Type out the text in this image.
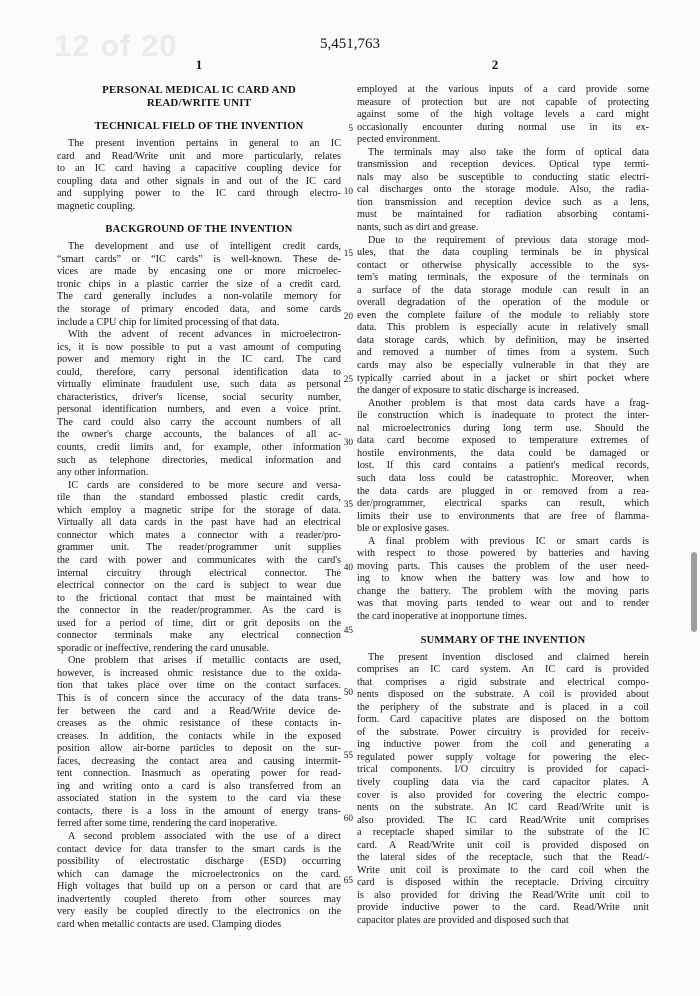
12 of 20	5,451,763
1	2
PERSONAL MEDICAL IC CARD AND
READ/WRITE UNIT
TECHNICAL FIELD OF THE INVENTION
The present invention pertains in general to an IC
card and Read/Write unit and more particularly, relates
to an IC card having a capacitive coupling device for
coupling data and other signals in and out of the IC card
and supplying power to the IC card through electro-
magnetic coupling.
BACKGROUND OF THE INVENTION
The development and use of intelligent credit cards,
“smart cards” or “IC cards” is well-known. These de-
vices are made by encasing one or more microelec-
tronic chips in a plastic carrier the size of a credit card.
The card generally includes a non-volatile memory for
the storage of primary encoded data, and some cards
include a CPU chip for limited processing of that data.
With the advent of recent advances in microelectron-
ics, it is now possible to put a vast amount of computing
power and memory right in the IC card. The card
could, therefore, carry personal identification data to
virtually eliminate fraudulent use, such data as personal
characteristics, driver's license, social security number,
personal identification numbers, and even a voice print.
The card could also carry the account numbers of all
the owner's charge accounts, the balances of all ac-
counts, credit limits and, for example, other information
such as telephone directories, medical information and
any other information.
IC cards are considered to be more secure and versa-
tile than the standard embossed plastic credit cards,
which employ a magnetic stripe for the storage of data.
Virtually all data cards in the past have had an electrical
connector which mates a connector with a reader/pro-
grammer unit. The reader/programmer unit supplies
the card with power and communicates with the card's
internal circuitry through electrical connector. The
electrical connector on the card is subject to wear due
to the frictional contact that must be maintained with
the connector in the reader/programmer. As the card is
used for a period of time, dirt or grit deposits on the
connector terminals make any electrical connection
sporadic or ineffective, rendering the card unusable.
One problem that arises if metallic contacts are used,
however, is increased ohmic resistance due to the oxida-
tion that takes place over time on the contact surfaces.
This is of concern since the accuracy of the data trans-
fer between the card and a Read/Write device de-
creases as the ohmic resistance of these contacts in-
creases. In addition, the contacts while in the exposed
position allow air-borne particles to deposit on the sur-
faces, decreasing the contact area and causing intermit-
tent connection. Inasmuch as operating power for read-
ing and writing onto a card is also transferred from an
associated station in the system to the card via these
contacts, there is a loss in the amount of energy trans-
ferred after some time, rendering the card inoperative.
A second problem associated with the use of a direct
contact device for data transfer to the smart cards is the
possibility of electrostatic discharge (ESD) occurring
which can damage the microelectronics on the card.
High voltages that build up on a person or card that are
inadvertently coupled thereto from other sources may
very easily be coupled directly to the electronics on the
card when metallic contacts are used. Clamping diodes
5
10
15
20
25
30
35
40
45
50
55
60
65
employed at the various inputs of a card provide some
measure of protection but are not capable of protecting
against some of the high voltage levels a card might
occasionally encounter during normal use in its ex-
pected environment.
The terminals may also take the form of optical data
transmission and reception devices. Optical type termi-
nals may also be susceptible to conducting static electri-
cal discharges onto the storage module. Also, the radia-
tion transmission and reception device such as a lens,
must be maintained for radiation absorbing contami-
nants, such as dirt and grease.
Due to the requirement of previous data storage mod-
ules, that the data coupling terminals be in physical
contact or otherwise physically accessible to the sys-
tem's mating terminals, the exposure of the terminals on
a surface of the data storage module can result in an
overall degradation of the operation of the module or
even the complete failure of the module to reliably store
data. This problem is especially acute in relatively small
data storage cards, which by definition, may be inserted
and removed a number of times from a system. Such
cards may also be especially vulnerable in that they are
typically carried about in a jacket or shirt pocket where
the danger of exposure to static discharge is increased.
Another problem is that most data cards have a frag-
ile construction which is inadequate to protect the inter-
nal microelectronics during long term use. Should the
data card become exposed to temperature extremes of
hostile environments, the data could be damaged or
lost. If this card contains a patient's medical records,
such data loss could be catastrophic. Moreover, when
the data cards are plugged in or removed from a rea-
der/programmer, electrical sparks can result, which
limits their use to environments that are free of flamma-
ble or explosive gases.
A final problem with previous IC or smart cards is
with respect to those powered by batteries and having
moving parts. This causes the problem of the user need-
ing to know when the battery was low and how to
change the battery. The problem with the moving parts
was that moving parts tended to wear out and to render
the card inoperative at inopportune times.
SUMMARY OF THE INVENTION
The present invention disclosed and claimed herein
comprises an IC card system. An IC card is provided
that comprises a rigid substrate and electrical compo-
nents disposed on the substrate. A coil is provided about
the periphery of the substrate and is placed in a coil
form. Card capacitive plates are disposed on the bottom
of the substrate. Power circuitry is provided for receiv-
ing inductive power from the coil and generating a
regulated power supply voltage for powering the elec-
trical components. I/O circuitry is provided for capaci-
tively coupling data via the card capacitor plates. A
cover is also provided for covering the electric compo-
nents on the substrate. An IC card Read/Write unit is
also provided. The IC card Read/Write unit comprises
a receptacle shaped similar to the substrate of the IC
card. A Read/Write unit coil is provided disposed on
the lateral sides of the receptacle, such that the Read/-
Write unit coil is proximate to the card coil when the
card is disposed within the receptacle. Driving circuitry
is also provided for driving the Read/Write unit coil to
provide inductive power to the card. Read/Write unit
capacitor plates are provided and disposed such that
